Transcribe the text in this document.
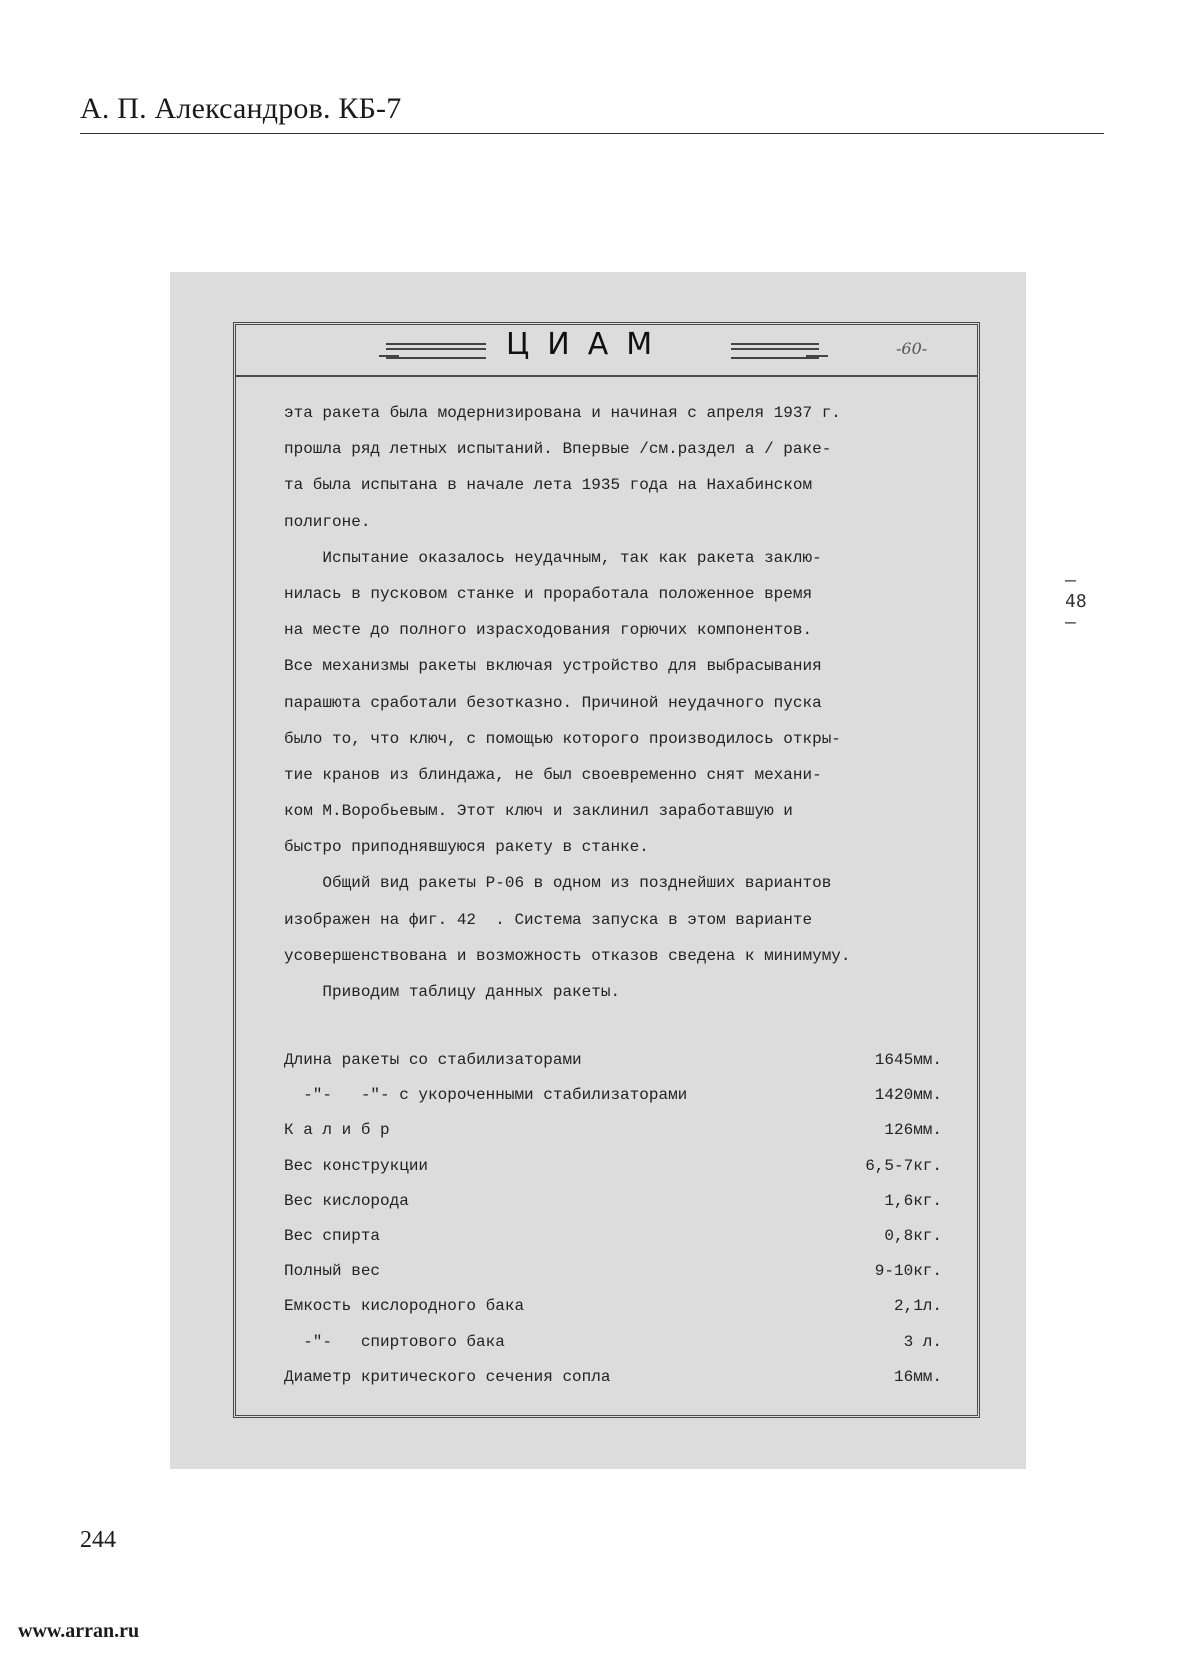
А. П. Александров. КБ-7
–48 –
ЦИАМ	-60-
эта ракета была модернизирована и начиная с апреля 1937 г.
прошла ряд летных испытаний. Впервые /см.раздел а / раке-
та была испытана в начале лета 1935 года на Нахабинском
полигоне.
Испытание оказалось неудачным, так как ракета заклю-
нилась в пусковом станке и проработала положенное время
на месте до полного израсходования горючих компонентов.
Все механизмы ракеты включая устройство для выбрасывания
парашюта сработали безотказно. Причиной неудачного пуска
было то, что ключ, с помощью которого производилось откры-
тие кранов из блиндажа, не был своевременно снят механи-
ком М.Воробьевым. Этот ключ и заклинил заработавшую и
быстро приподнявшуюся ракету в станке.
Общий вид ракеты Р-06 в одном из позднейших вариантов
изображен на фиг. 42  . Система запуска в этом варианте
усовершенствована и возможность отказов сведена к минимуму.
Приводим таблицу данных ракеты.
Длина ракеты со стабилизаторами	1645мм.
-"-   -"- с укороченными стабилизаторами	1420мм.
К а л и б р	126мм.
Вес конструкции	6,5-7кг.
Вес кислорода	1,6кг.
Вес спирта	0,8кг.
Полный вес	9-10кг.
Емкость кислородного бака	2,1л.
-"-   спиртового бака	3 л.
Диаметр критического сечения сопла	16мм.
244
www.arran.ru
